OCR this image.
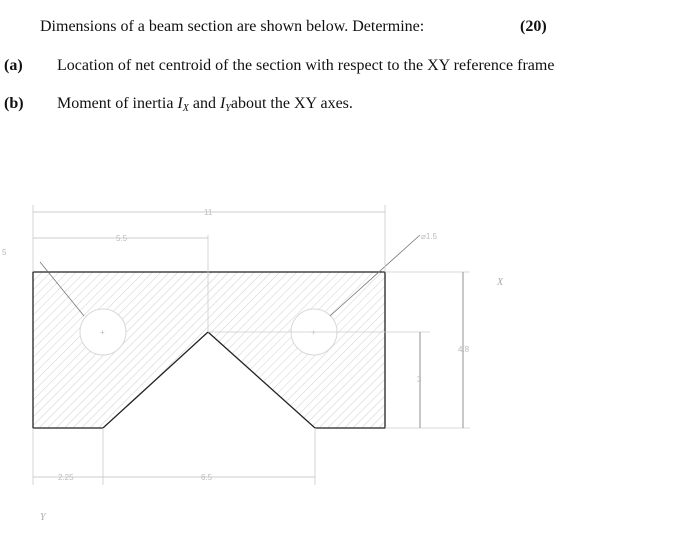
Dimensions of a beam section are shown below. Determine:	(20)
(a) Location of net centroid of the section with respect to the XY reference frame
(b) Moment of inertia $I_X$ and $I_Yabout$ the XY axes.
+	+
11
5.5	⌀1.5
5
2.25	6.5
4.8
3
X
Y
